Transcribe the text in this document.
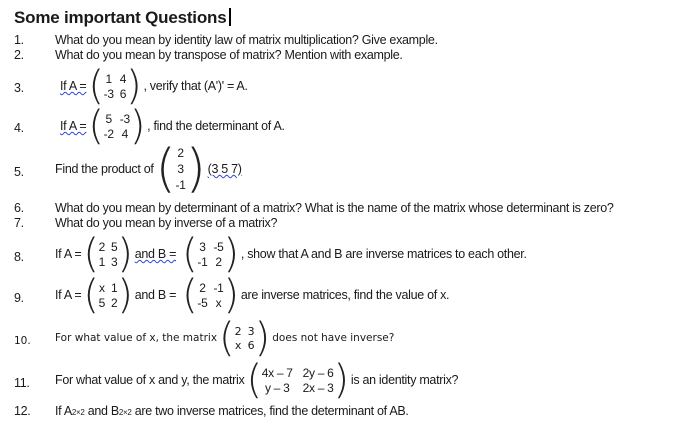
Some important Questions
1. What do you mean by identity law of matrix multiplication? Give example.
2. What do you mean by transpose of matrix? Mention with example.
3.	If A = ( 1 4
-3 6 ) , verify that (A')' = A.
4.	If A = ( 5 -3
-2 4 ) , find the determinant of A.
5. Find the product of ( 2
3
-1 ) (3 5 7)
6. What do you mean by determinant of a matrix? What is the name of the matrix whose determinant is zero?
7. What do you mean by inverse of a matrix?
8. If A = ( 2 5
1 3 ) and B = ( 3 -5
-1 2 ) , show that A and B are inverse matrices to each other.
9. If A = ( x 1
5 2 ) and B = ( 2 -1
-5 x ) are inverse matrices, find the value of x.
10. For what value of x, the matrix ( 2 3
x 6 ) does not have inverse?
11. For what value of x and y, the matrix ( 4x – 7 2y – 6
y – 3 2x – 3 ) is an identity matrix?
12. If A2×2 and B2×2 are two inverse matrices, find the determinant of AB.
